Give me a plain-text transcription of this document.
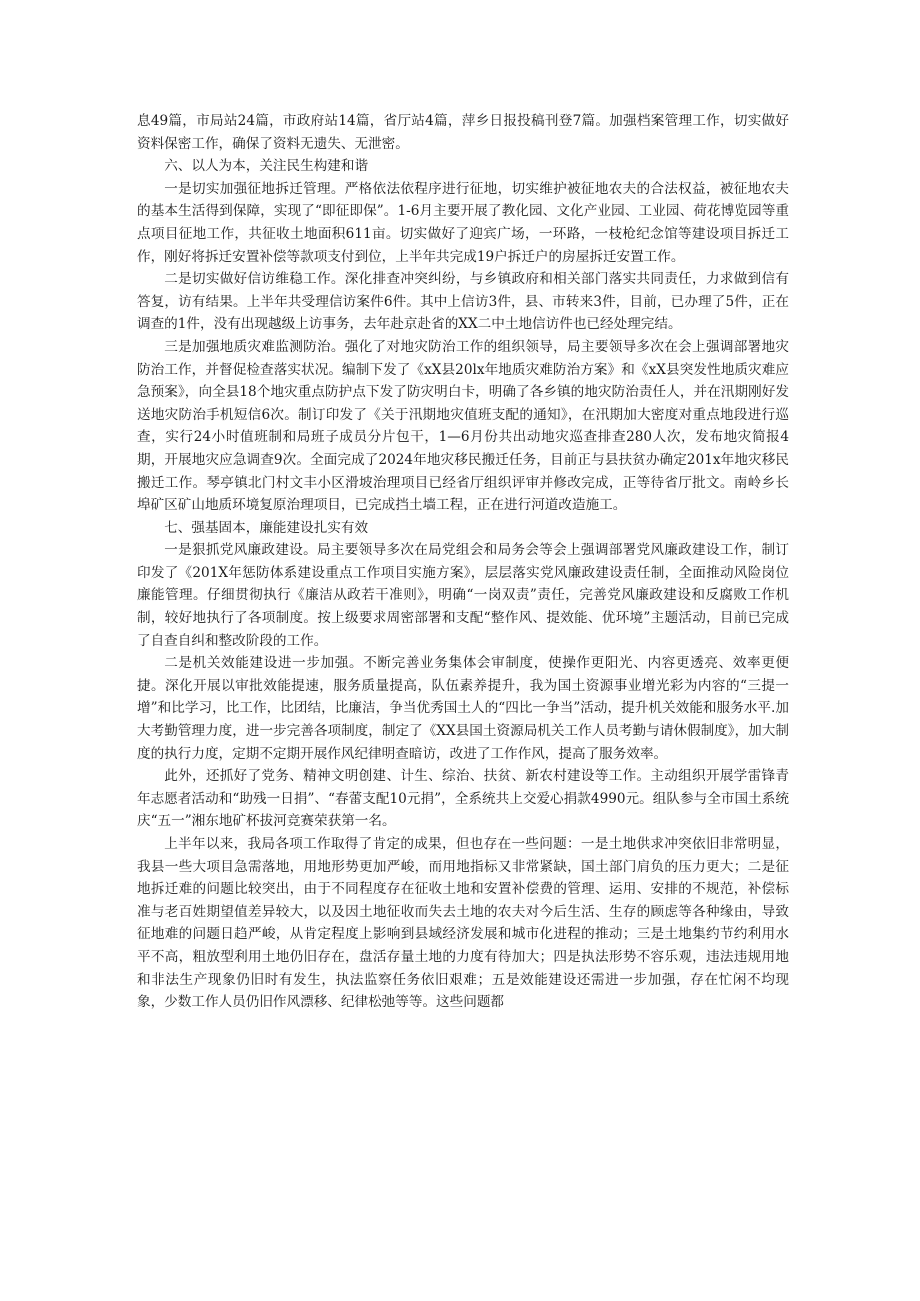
息49篇，市局站24篇，市政府站14篇，省厅站4篇，萍乡日报投稿刊登7篇。加强档案管理工作，切实做好资料保密工作，确保了资料无遗失、无泄密。

六、以人为本，关注民生构建和谐

一是切实加强征地拆迁管理。严格依法依程序进行征地，切实维护被征地农夫的合法权益，被征地农夫的基本生活得到保障，实现了“即征即保”。1-6月主要开展了教化园、文化产业园、工业园、荷花博览园等重点项目征地工作，共征收土地面积611亩。切实做好了迎宾广场，一环路，一枝枪纪念馆等建设项目拆迁工作，刚好将拆迁安置补偿等款项支付到位，上半年共完成19户拆迁户的房屋拆迁安置工作。

二是切实做好信访维稳工作。深化排查冲突纠纷，与乡镇政府和相关部门落实共同责任，力求做到信有答复，访有结果。上半年共受理信访案件6件。其中上信访3件，县、市转来3件，目前，已办理了5件，正在调查的1件，没有出现越级上访事务，去年赴京赴省的XX二中土地信访件也已经处理完结。

三是加强地质灾难监测防治。强化了对地灾防治工作的组织领导，局主要领导多次在会上强调部署地灾防治工作，并督促检查落实状况。编制下发了《xX县20lx年地质灾难防治方案》和《xX县突发性地质灾难应急预案》，向全县18个地灾重点防护点下发了防灾明白卡，明确了各乡镇的地灾防治责任人，并在汛期刚好发送地灾防治手机短信6次。制订印发了《关于汛期地灾值班支配的通知》，在汛期加大密度对重点地段进行巡查，实行24小时值班制和局班子成员分片包干，1—6月份共出动地灾巡查排查280人次，发布地灾简报4期，开展地灾应急调查9次。全面完成了2024年地灾移民搬迁任务，目前正与县扶贫办确定201x年地灾移民搬迁工作。琴亭镇北门村文丰小区滑坡治理项目已经省厅组织评审并修改完成，正等待省厅批文。南岭乡长埠矿区矿山地质环境复原治理项目，已完成挡土墙工程，正在进行河道改造施工。

七、强基固本，廉能建设扎实有效

一是狠抓党风廉政建设。局主要领导多次在局党组会和局务会等会上强调部署党风廉政建设工作，制订印发了《201X年惩防体系建设重点工作项目实施方案》，层层落实党风廉政建设责任制，全面推动风险岗位廉能管理。仔细贯彻执行《廉洁从政若干准则》，明确“一岗双责”责任，完善党风廉政建设和反腐败工作机制，较好地执行了各项制度。按上级要求周密部署和支配“整作风、提效能、优环境”主题活动，目前已完成了自查自纠和整改阶段的工作。

二是机关效能建设进一步加强。不断完善业务集体会审制度，使操作更阳光、内容更透亮、效率更便捷。深化开展以审批效能提速，服务质量提高，队伍素养提升，我为国土资源事业增光彩为内容的“三提一增”和比学习，比工作，比团结，比廉洁，争当优秀国土人的“四比一争当”活动，提升机关效能和服务水平.加大考勤管理力度，进一步完善各项制度，制定了《XX县国土资源局机关工作人员考勤与请休假制度》，加大制度的执行力度，定期不定期开展作风纪律明查暗访，改进了工作作风，提高了服务效率。

此外，还抓好了党务、精神文明创建、计生、综治、扶贫、新农村建设等工作。主动组织开展学雷锋青年志愿者活动和“助残一日捐”、“春蕾支配10元捐”，全系统共上交爱心捐款4990元。组队参与全市国土系统庆“五一”湘东地矿杯拔河竞赛荣获第一名。

上半年以来，我局各项工作取得了肯定的成果，但也存在一些问题：一是土地供求冲突依旧非常明显，我县一些大项目急需落地，用地形势更加严峻，而用地指标又非常紧缺，国土部门肩负的压力更大；二是征地拆迁难的问题比较突出，由于不同程度存在征收土地和安置补偿费的管理、运用、安排的不规范，补偿标准与老百姓期望值差异较大，以及因土地征收而失去土地的农夫对今后生活、生存的顾虑等各种缘由，导致征地难的问题日趋严峻，从肯定程度上影响到县域经济发展和城市化进程的推动；三是土地集约节约利用水平不高，粗放型利用土地仍旧存在，盘活存量土地的力度有待加大；四是执法形势不容乐观，违法违规用地和非法生产现象仍旧时有发生，执法监察任务依旧艰难；五是效能建设还需进一步加强，存在忙闲不均现象，少数工作人员仍旧作风漂移、纪律松弛等等。这些问题都
